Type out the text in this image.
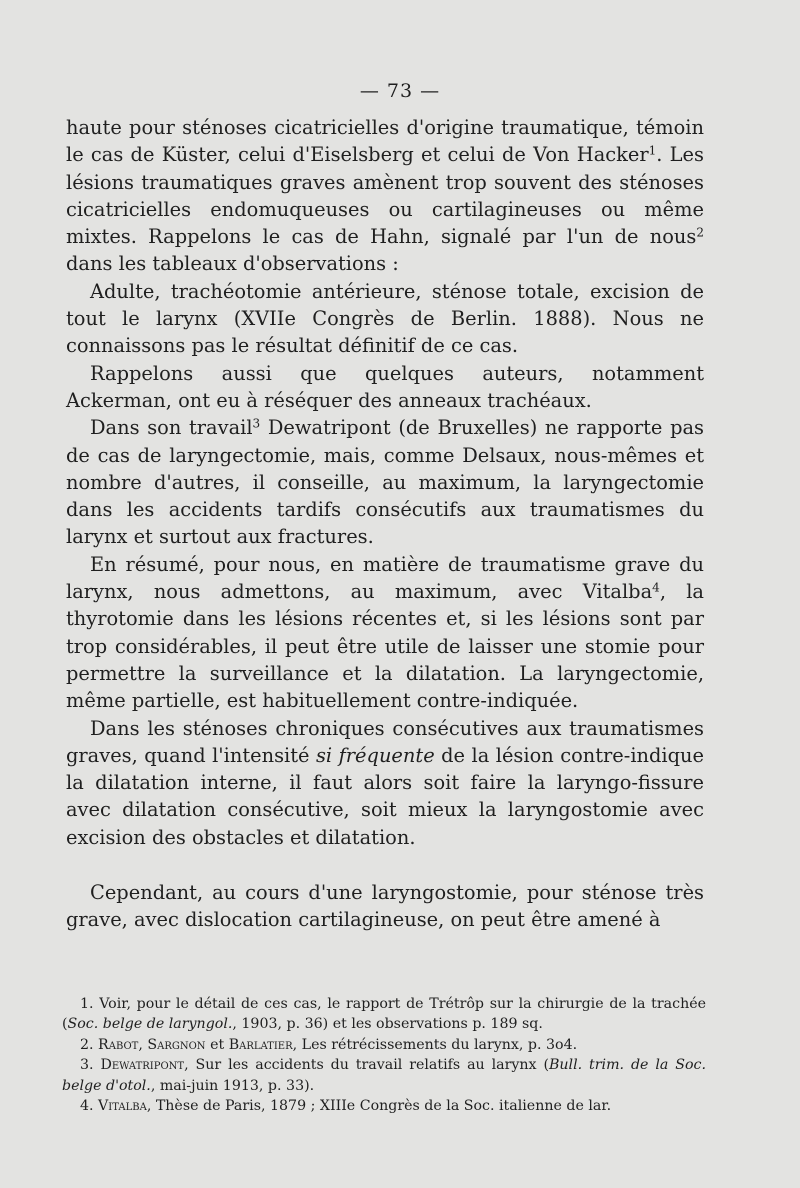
— 73 —

haute pour sténoses cicatricielles d'origine traumatique, témoin le cas de Küster, celui d'Eiselsberg et celui de Von Hacker$^1$. Les lésions traumatiques graves amènent trop souvent des sténoses cicatricielles endomuqueuses ou cartilagineuses ou même mixtes. Rappelons le cas de Hahn, signalé par l'un de nous$^2$ dans les tableaux d'observations :

Adulte, trachéotomie antérieure, sténose totale, excision de tout le larynx (XVIIe Congrès de Berlin. 1888). Nous ne connaissons pas le résultat définitif de ce cas.

Rappelons aussi que quelques auteurs, notamment Ackerman, ont eu à réséquer des anneaux trachéaux.

Dans son travail$^3$ Dewatripont (de Bruxelles) ne rapporte pas de cas de laryngectomie, mais, comme Delsaux, nous-mêmes et nombre d'autres, il conseille, au maximum, la laryngectomie dans les accidents tardifs consécutifs aux traumatismes du larynx et surtout aux fractures.

En résumé, pour nous, en matière de traumatisme grave du larynx, nous admettons, au maximum, avec Vitalba$^4$, la thyrotomie dans les lésions récentes et, si les lésions sont par trop considérables, il peut être utile de laisser une stomie pour permettre la surveillance et la dilatation. La laryngectomie, même partielle, est habituellement contre-indiquée.

Dans les sténoses chroniques consécutives aux traumatismes graves, quand l'intensité si fréquente de la lésion contre-indique la dilatation interne, il faut alors soit faire la laryngo-fissure avec dilatation consécutive, soit mieux la laryngostomie avec excision des obstacles et dilatation.

Cependant, au cours d'une laryngostomie, pour sténose très grave, avec dislocation cartilagineuse, on peut être amené à

1. Voir, pour le détail de ces cas, le rapport de Trétrôp sur la chirurgie de la trachée (Soc. belge de laryngol., 1903, p. 36) et les observations p. 189 sq.

2. Rabot, Sargnon et Barlatier, Les rétrécissements du larynx, p. 3o4.

3. Dewatripont, Sur les accidents du travail relatifs au larynx (Bull. trim. de la Soc. belge d'otol., mai-juin 1913, p. 33).

4. Vitalba, Thèse de Paris, 1879 ; XIIIe Congrès de la Soc. italienne de lar.
